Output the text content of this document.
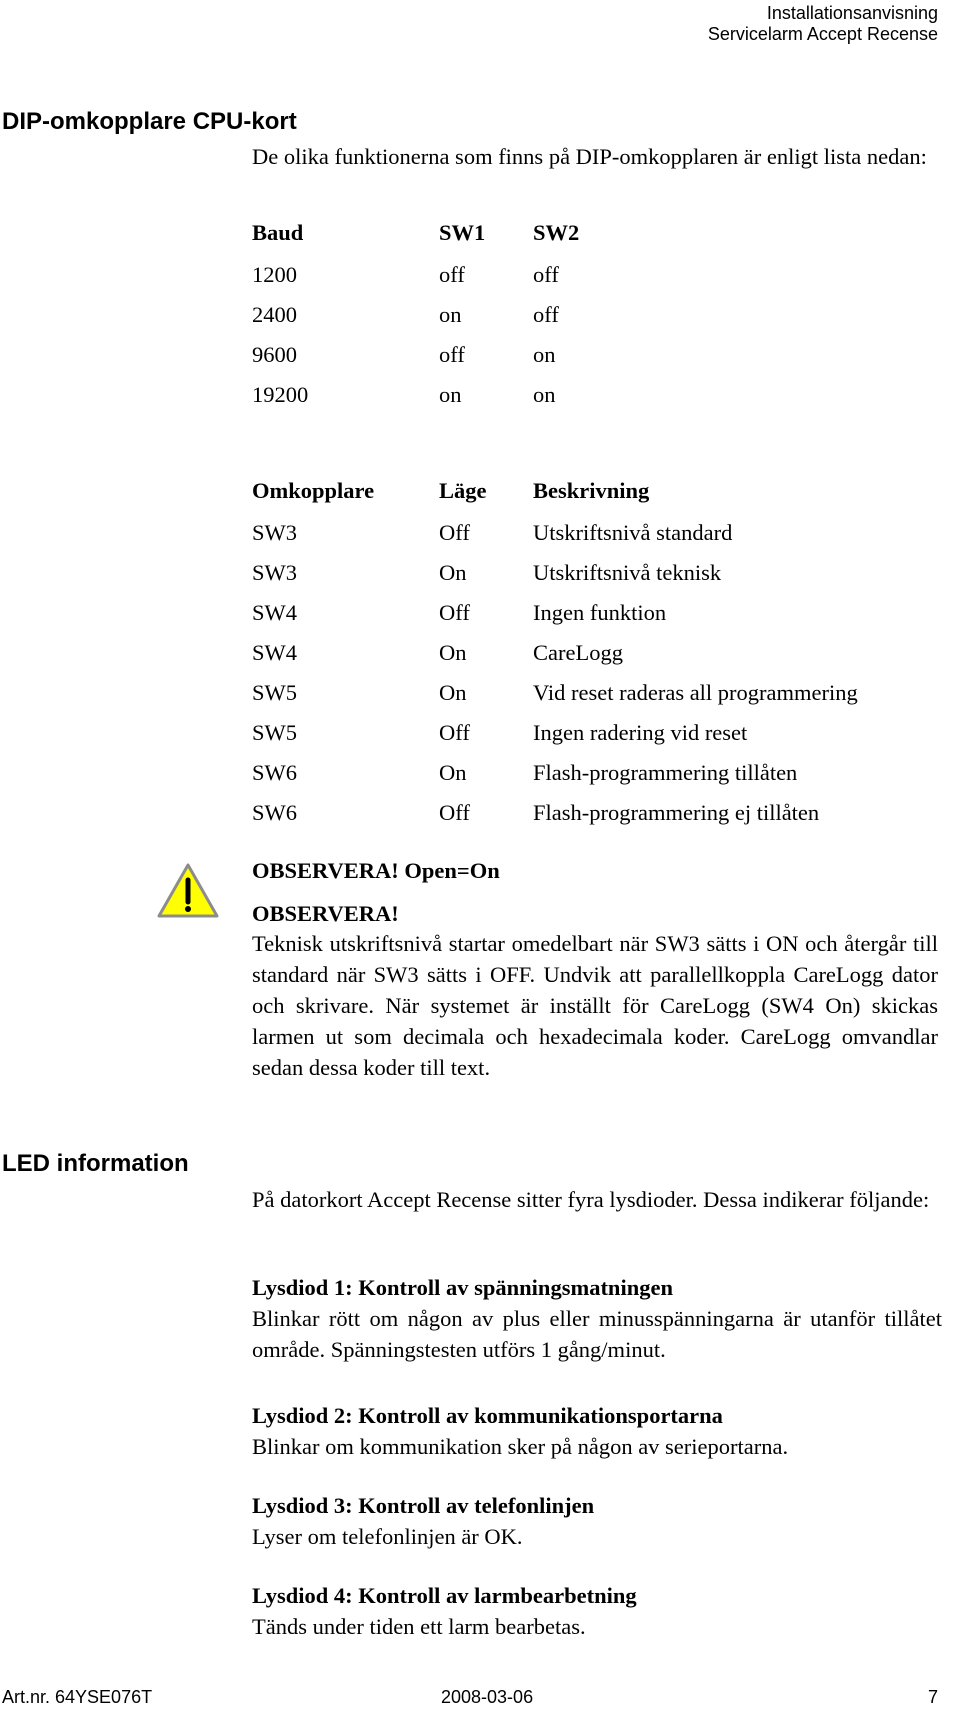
Installationsanvisning
Servicelarm Accept Recense
DIP-omkopplare CPU-kort
De olika funktionerna som finns på DIP-omkopplaren är enligt lista nedan:
Baud	SW1 SW2
1200	off	off
2400	on	off
9600	off	on
19200	on	on
Omkopplare	Läge Beskrivning
SW3	Off	Utskriftsnivå standard
SW3	On	Utskriftsnivå teknisk
SW4	Off	Ingen funktion
SW4	On	CareLogg
SW5	On	Vid reset raderas all programmering
SW5	Off	Ingen radering vid reset
SW6	On	Flash-programmering tillåten
SW6	Off	Flash-programmering ej tillåten
OBSERVERA! Open=On
OBSERVERA!
Teknisk utskriftsnivå startar omedelbart när SW3 sätts i ON och återgår till standard när SW3 sätts i OFF. Undvik att parallellkoppla CareLogg dator och skrivare. När systemet är inställt för CareLogg (SW4 On) skickas larmen ut som decimala och hexadecimala koder. CareLogg omvandlar sedan dessa koder till text.
LED information
På datorkort Accept Recense sitter fyra lysdioder. Dessa indikerar följande:
Lysdiod 1: Kontroll av spänningsmatningen
Blinkar rött om någon av plus eller minusspänningarna är utanför tillåtet område. Spänningstesten utförs 1 gång/minut.
Lysdiod 2: Kontroll av kommunikationsportarna
Blinkar om kommunikation sker på någon av serieportarna.
Lysdiod 3: Kontroll av telefonlinjen
Lyser om telefonlinjen är OK.
Lysdiod 4: Kontroll av larmbearbetning
Tänds under tiden ett larm bearbetas.
Art.nr. 64YSE076T	2008-03-06	7
